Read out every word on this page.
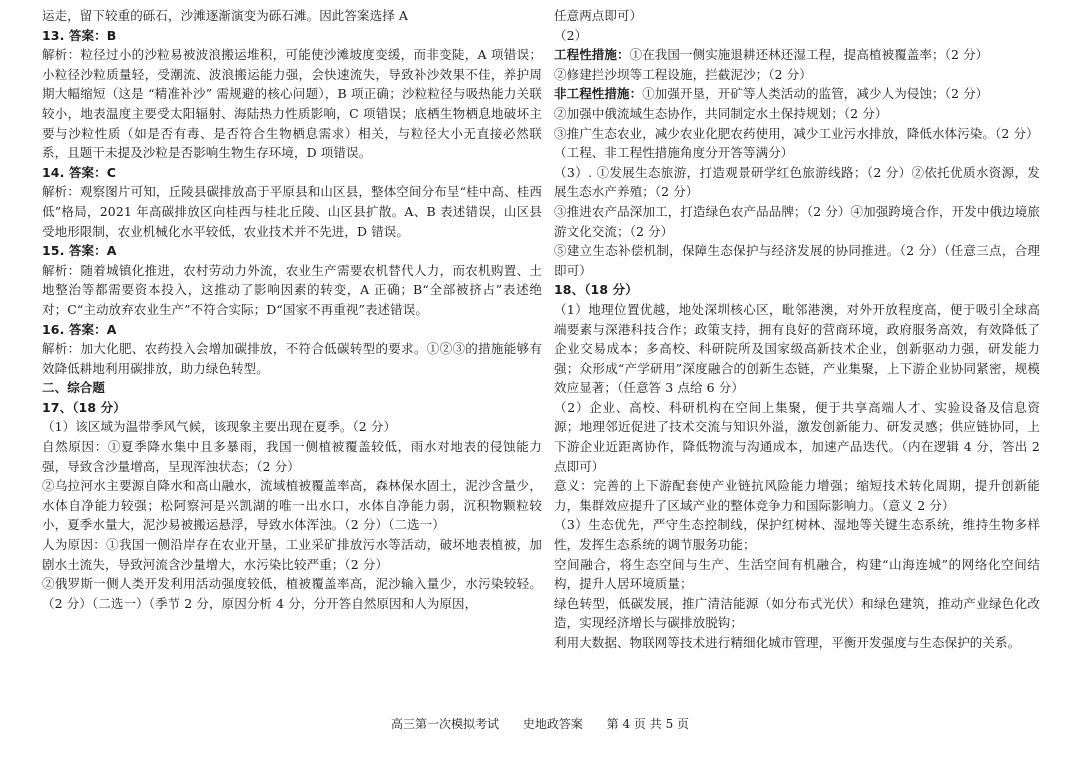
运走，留下较重的砾石，沙滩逐渐演变为砾石滩。因此答案选择 A

13. 答案：B

解析：粒径过小的沙粒易被波浪搬运堆积，可能使沙滩坡度变缓，而非变陡，A 项错误；小粒径沙粒质量轻，受潮流、波浪搬运能力强，会快速流失，导致补沙效果不佳，养护周期大幅缩短（这是 “精准补沙” 需规避的核心问题），B 项正确；沙粒粒径与吸热能力关联较小，地表温度主要受太阳辐射、海陆热力性质影响，C 项错误；底栖生物栖息地破坏主要与沙粒性质（如是否有毒、是否符合生物栖息需求）相关，与粒径大小无直接必然联系，且题干未提及沙粒是否影响生物生存环境，D 项错误。

14. 答案：C

解析：观察图片可知，丘陵县碳排放高于平原县和山区县，整体空间分布呈“桂中高、桂西低”格局，2021 年高碳排放区向桂西与桂北丘陵、山区县扩散。A、B 表述错误，山区县受地形限制，农业机械化水平较低，农业技术并不先进，D 错误。

15. 答案：A

解析：随着城镇化推进，农村劳动力外流，农业生产需要农机替代人力，而农机购置、土地整治等都需要资本投入，这推动了影响因素的转变，A 正确；B“全部被挤占”表述绝对；C“主动放弃农业生产”不符合实际；D“国家不再重视”表述错误。

16. 答案：A

解析：加大化肥、农药投入会增加碳排放，不符合低碳转型的要求。①②③的措施能够有效降低耕地利用碳排放，助力绿色转型。

二、综合题

17、（18 分）

（1）该区域为温带季风气候，该现象主要出现在夏季。（2 分）

自然原因：①夏季降水集中且多暴雨，我国一侧植被覆盖较低，雨水对地表的侵蚀能力强，导致含沙量增高，呈现浑浊状态；（2 分）

②乌拉河水主要源自降水和高山融水，流域植被覆盖率高，森林保水固土，泥沙含量少，水体自净能力较强；松阿察河是兴凯湖的唯一出水口，水体自净能力弱，沉积物颗粒较小，夏季水量大，泥沙易被搬运悬浮，导致水体浑浊。（2 分）（二选一）

人为原因：①我国一侧沿岸存在农业开垦，工业采矿排放污水等活动，破坏地表植被，加剧水土流失，导致河流含沙量增大，水污染比较严重；（2 分）

②俄罗斯一侧人类开发利用活动强度较低，植被覆盖率高，泥沙输入量少，水污染较轻。（2 分）（二选一）（季节 2 分，原因分析 4 分，分开答自然原因和人为原因，

任意两点即可）

（2）

工程性措施：①在我国一侧实施退耕还林还湿工程，提高植被覆盖率；（2 分）

②修建拦沙坝等工程设施，拦截泥沙；（2 分）

非工程性措施：①加强开垦，开矿等人类活动的监管，减少人为侵蚀；（2 分）

②加强中俄流域生态协作，共同制定水土保持规划；（2 分）

③推广生态农业，减少农业化肥农药使用，减少工业污水排放，降低水体污染。（2 分）

（工程、非工程性措施角度分开答等满分）

（3）. ①发展生态旅游，打造观景研学红色旅游线路；（2 分）②依托优质水资源，发展生态水产养殖；（2 分）

③推进农产品深加工，打造绿色农产品品牌；（2 分）④加强跨境合作，开发中俄边境旅游文化交流；（2 分）

⑤建立生态补偿机制，保障生态保护与经济发展的协同推进。（2 分）（任意三点，合理即可）

18、（18 分）

（1）地理位置优越，地处深圳核心区，毗邻港澳，对外开放程度高，便于吸引全球高端要素与深港科技合作；政策支持，拥有良好的营商环境，政府服务高效，有效降低了企业交易成本；多高校、科研院所及国家级高新技术企业，创新驱动力强，研发能力强；众形成“产学研用”深度融合的创新生态链，产业集聚，上下游企业协同紧密，规模效应显著；（任意答 3 点给 6 分）

（2）企业、高校、科研机构在空间上集聚，便于共享高端人才、实验设备及信息资源；地理邻近促进了技术交流与知识外溢，激发创新能力、研发灵感；供应链协同，上下游企业近距离协作，降低物流与沟通成本，加速产品迭代。（内在逻辑 4 分，答出 2 点即可）

意义：完善的上下游配套使产业链抗风险能力增强；缩短技术转化周期，提升创新能力，集群效应提升了区域产业的整体竞争力和国际影响力。（意义 2 分）

（3）生态优先，严守生态控制线，保护红树林、湿地等关键生态系统，维持生物多样性，发挥生态系统的调节服务功能；

空间融合，将生态空间与生产、生活空间有机融合，构建“山海连城”的网络化空间结构，提升人居环境质量；

绿色转型，低碳发展，推广清洁能源（如分布式光伏）和绿色建筑，推动产业绿色化改造，实现经济增长与碳排放脱钩；

利用大数据、物联网等技术进行精细化城市管理，平衡开发强度与生态保护的关系。

高三第一次模拟考试 史地政答案 第 4 页 共 5 页
